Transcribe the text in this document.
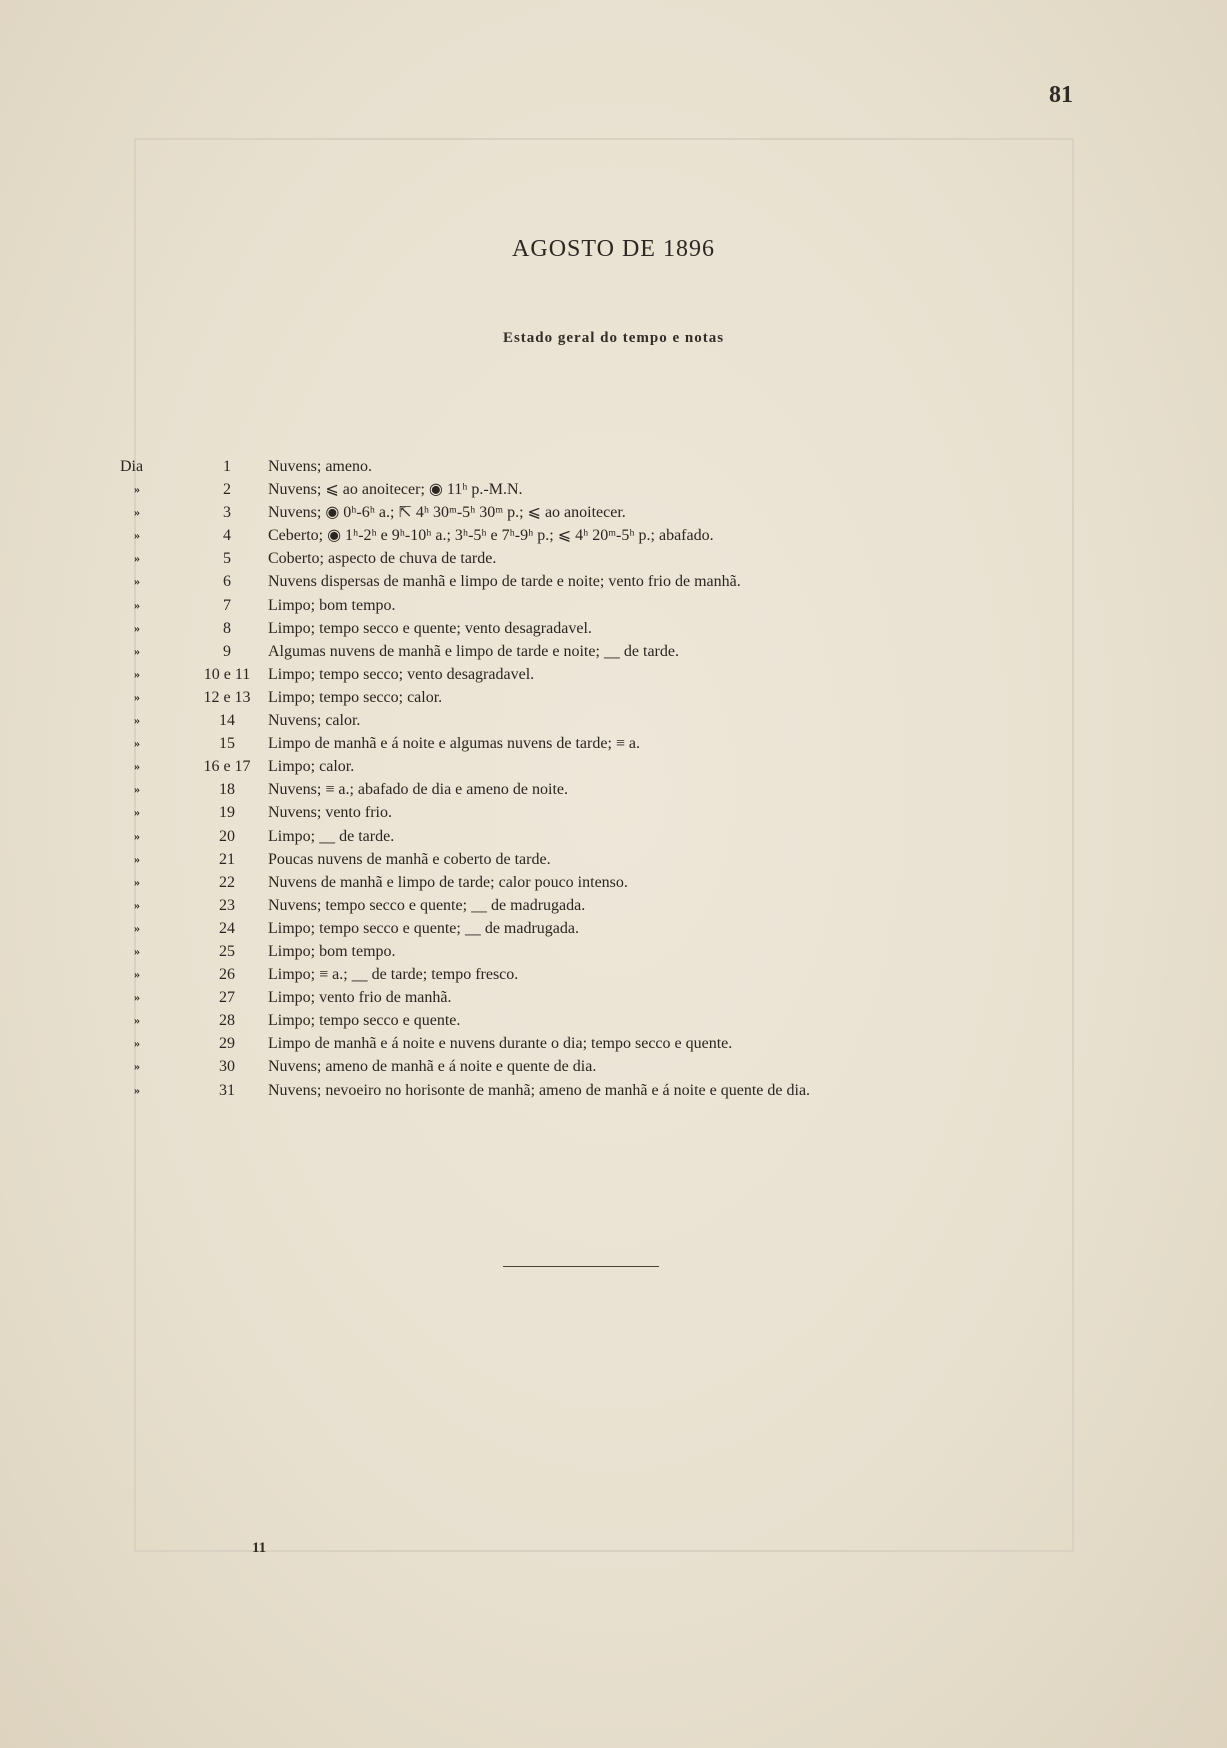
81
AGOSTO DE 1896
Estado geral do tempo e notas
Dia	1	Nuvens; ameno.
»	2	Nuvens; ⩽ ao anoitecer; ◉ 11ʰ p.-M.N.
»	3	Nuvens; ◉ 0ʰ-6ʰ a.; ⇱ 4ʰ 30ᵐ-5ʰ 30ᵐ p.; ⩽ ao anoitecer.
»	4	Ceberto; ◉ 1ʰ-2ʰ e 9ʰ-10ʰ a.; 3ʰ-5ʰ e 7ʰ-9ʰ p.; ⩽ 4ʰ 20ᵐ-5ʰ p.; abafado.
»	5	Coberto; aspecto de chuva de tarde.
»	6	Nuvens dispersas de manhã e limpo de tarde e noite; vento frio de manhã.
»	7	Limpo; bom tempo.
»	8	Limpo; tempo secco e quente; vento desagradavel.
»	9	Algumas nuvens de manhã e limpo de tarde e noite; ⸏ de tarde.
»	10 e 11	Limpo; tempo secco; vento desagradavel.
»	12 e 13	Limpo; tempo secco; calor.
»	14	Nuvens; calor.
»	15	Limpo de manhã e á noite e algumas nuvens de tarde; ≡ a.
»	16 e 17	Limpo; calor.
»	18	Nuvens; ≡ a.; abafado de dia e ameno de noite.
»	19	Nuvens; vento frio.
»	20	Limpo; ⸏ de tarde.
»	21	Poucas nuvens de manhã e coberto de tarde.
»	22	Nuvens de manhã e limpo de tarde; calor pouco intenso.
»	23	Nuvens; tempo secco e quente; ⸏ de madrugada.
»	24	Limpo; tempo secco e quente; ⸏ de madrugada.
»	25	Limpo; bom tempo.
»	26	Limpo; ≡ a.; ⸏ de tarde; tempo fresco.
»	27	Limpo; vento frio de manhã.
»	28	Limpo; tempo secco e quente.
»	29	Limpo de manhã e á noite e nuvens durante o dia; tempo secco e quente.
»	30	Nuvens; ameno de manhã e á noite e quente de dia.
»	31	Nuvens; nevoeiro no horisonte de manhã; ameno de manhã e á noite e quente de dia.
11
